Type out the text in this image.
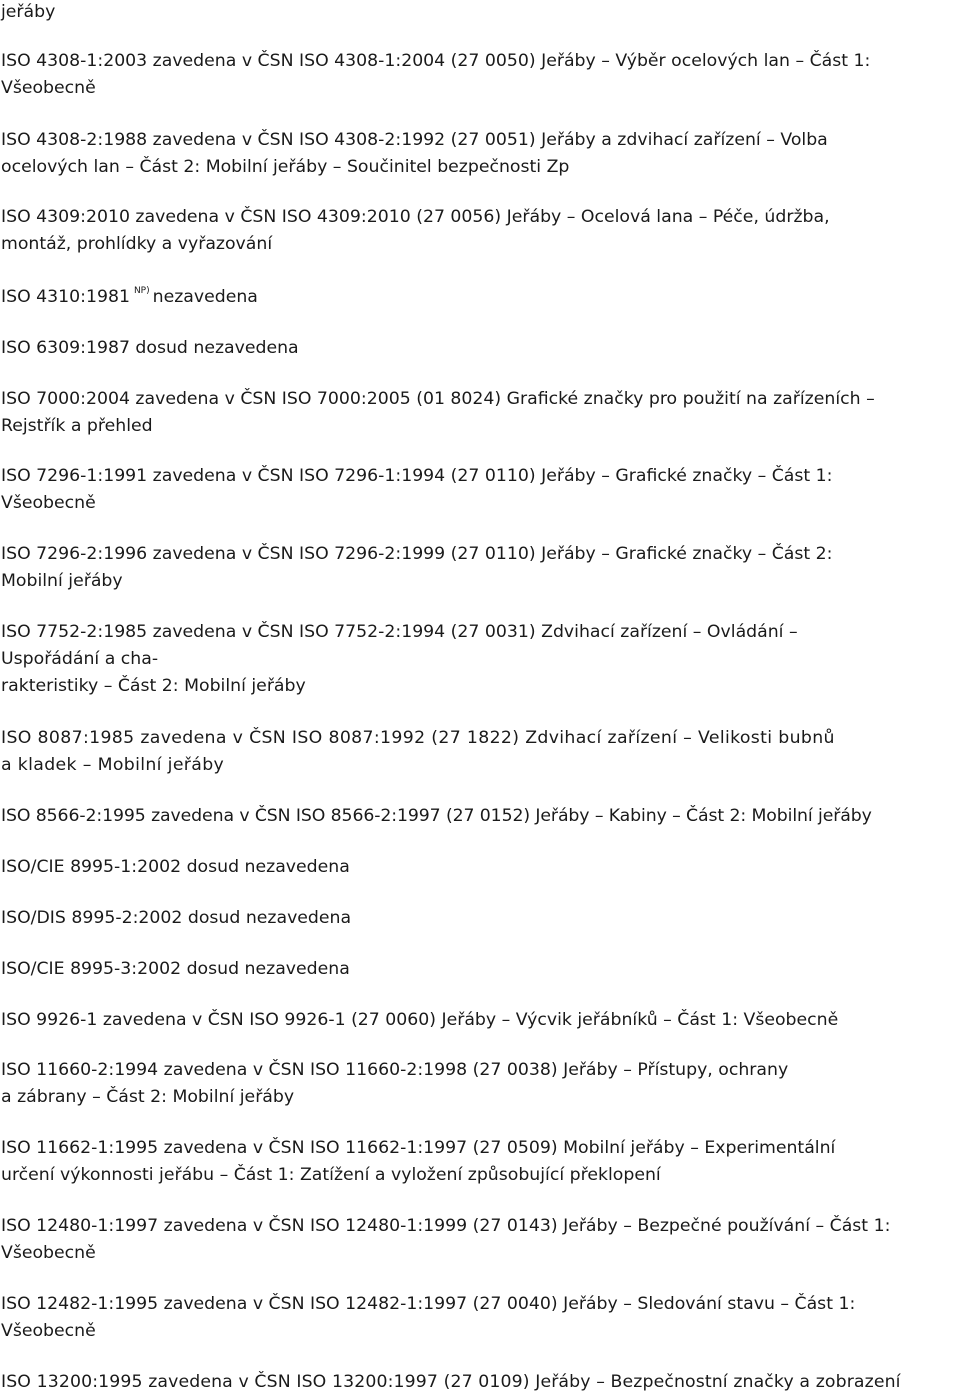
jeřáby

ISO 4308-1:2003 zavedena v ČSN ISO 4308-1:2004 (27 0050) Jeřáby – Výběr ocelových lan – Část 1:
Všeobecně

ISO 4308-2:1988 zavedena v ČSN ISO 4308-2:1992 (27 0051) Jeřáby a zdvihací zařízení – Volba
ocelových lan – Část 2: Mobilní jeřáby – Součinitel bezpečnosti Zp

ISO 4309:2010 zavedena v ČSN ISO 4309:2010 (27 0056) Jeřáby – Ocelová lana – Péče, údržba,
montáž, prohlídky a vyřazování

ISO 4310:1981 $^{NP)}$ nezavedena

ISO 6309:1987 dosud nezavedena

ISO 7000:2004 zavedena v ČSN ISO 7000:2005 (01 8024) Grafické značky pro použití na zařízeních –
Rejstřík a přehled

ISO 7296-1:1991 zavedena v ČSN ISO 7296-1:1994 (27 0110) Jeřáby – Grafické značky – Část 1:
Všeobecně

ISO 7296-2:1996 zavedena v ČSN ISO 7296-2:1999 (27 0110) Jeřáby – Grafické značky – Část 2:
Mobilní jeřáby

ISO 7752-2:1985 zavedena v ČSN ISO 7752-2:1994 (27 0031) Zdvihací zařízení – Ovládání –
Uspořádání a cha-
rakteristiky – Část 2: Mobilní jeřáby

ISO 8087:1985 zavedena v ČSN ISO 8087:1992 (27 1822) Zdvihací zařízení – Velikosti bubnů
a kladek – Mobilní jeřáby

ISO 8566-2:1995 zavedena v ČSN ISO 8566-2:1997 (27 0152) Jeřáby – Kabiny – Část 2: Mobilní jeřáby

ISO/CIE 8995-1:2002 dosud nezavedena

ISO/DIS 8995-2:2002 dosud nezavedena

ISO/CIE 8995-3:2002 dosud nezavedena

ISO 9926-1 zavedena v ČSN ISO 9926-1 (27 0060) Jeřáby – Výcvik jeřábníků – Část 1: Všeobecně

ISO 11660-2:1994 zavedena v ČSN ISO 11660-2:1998 (27 0038) Jeřáby – Přístupy, ochrany
a zábrany – Část 2: Mobilní jeřáby

ISO 11662-1:1995 zavedena v ČSN ISO 11662-1:1997 (27 0509) Mobilní jeřáby – Experimentální
určení výkonnosti jeřábu – Část 1: Zatížení a vyložení způsobující překlopení

ISO 12480-1:1997 zavedena v ČSN ISO 12480-1:1999 (27 0143) Jeřáby – Bezpečné používání – Část 1:
Všeobecně

ISO 12482-1:1995 zavedena v ČSN ISO 12482-1:1997 (27 0040) Jeřáby – Sledování stavu – Část 1:
Všeobecně

ISO 13200:1995 zavedena v ČSN ISO 13200:1997 (27 0109) Jeřáby – Bezpečnostní značky a zobrazení
